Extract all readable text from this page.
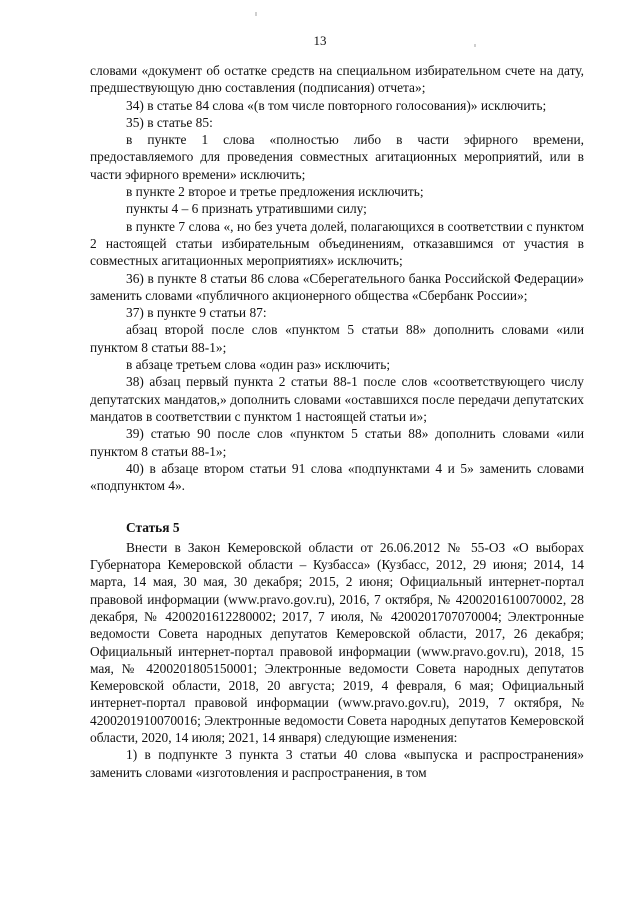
13

словами «документ об остатке средств на специальном избирательном счете на дату, предшествующую дню составления (подписания) отчета»;

34) в статье 84 слова «(в том числе повторного голосования)» исключить;

35) в статье 85:

в пункте 1 слова «полностью либо в части эфирного времени, предоставляемого для проведения совместных агитационных мероприятий, или в части эфирного времени» исключить;

в пункте 2 второе и третье предложения исключить;

пункты 4 – 6 признать утратившими силу;

в пункте 7 слова «, но без учета долей, полагающихся в соответствии с пунктом 2 настоящей статьи избирательным объединениям, отказавшимся от участия в совместных агитационных мероприятиях» исключить;

36) в пункте 8 статьи 86 слова «Сберегательного банка Российской Федерации» заменить словами «публичного акционерного общества «Сбербанк России»;

37) в пункте 9 статьи 87:

абзац второй после слов «пунктом 5 статьи 88» дополнить словами «или пунктом 8 статьи 88-1»;

в абзаце третьем слова «один раз» исключить;

38) абзац первый пункта 2 статьи 88-1 после слов «соответствующего числу депутатских мандатов,» дополнить словами «оставшихся после передачи депутатских мандатов в соответствии с пунктом 1 настоящей статьи и»;

39) статью 90 после слов «пунктом 5 статьи 88» дополнить словами «или пунктом 8 статьи 88-1»;

40) в абзаце втором статьи 91 слова «подпунктами 4 и 5» заменить словами «подпунктом 4».

Статья 5

Внести в Закон Кемеровской области от 26.06.2012 № 55-ОЗ «О выборах Губернатора Кемеровской области – Кузбасса» (Кузбасс, 2012, 29 июня; 2014, 14 марта, 14 мая, 30 мая, 30 декабря; 2015, 2 июня; Официальный интернет-портал правовой информации (www.pravo.gov.ru), 2016, 7 октября, № 4200201610070002, 28 декабря, № 4200201612280002; 2017, 7 июля, № 4200201707070004; Электронные ведомости Совета народных депутатов Кемеровской области, 2017, 26 декабря; Официальный интернет-портал правовой информации (www.pravo.gov.ru), 2018, 15 мая, № 4200201805150001; Электронные ведомости Совета народных депутатов Кемеровской области, 2018, 20 августа; 2019, 4 февраля, 6 мая; Официальный интернет-портал правовой информации (www.pravo.gov.ru), 2019, 7 октября, № 4200201910070016; Электронные ведомости Совета народных депутатов Кемеровской области, 2020, 14 июля; 2021, 14 января) следующие изменения:

1) в подпункте 3 пункта 3 статьи 40 слова «выпуска и распространения» заменить словами «изготовления и распространения, в том
